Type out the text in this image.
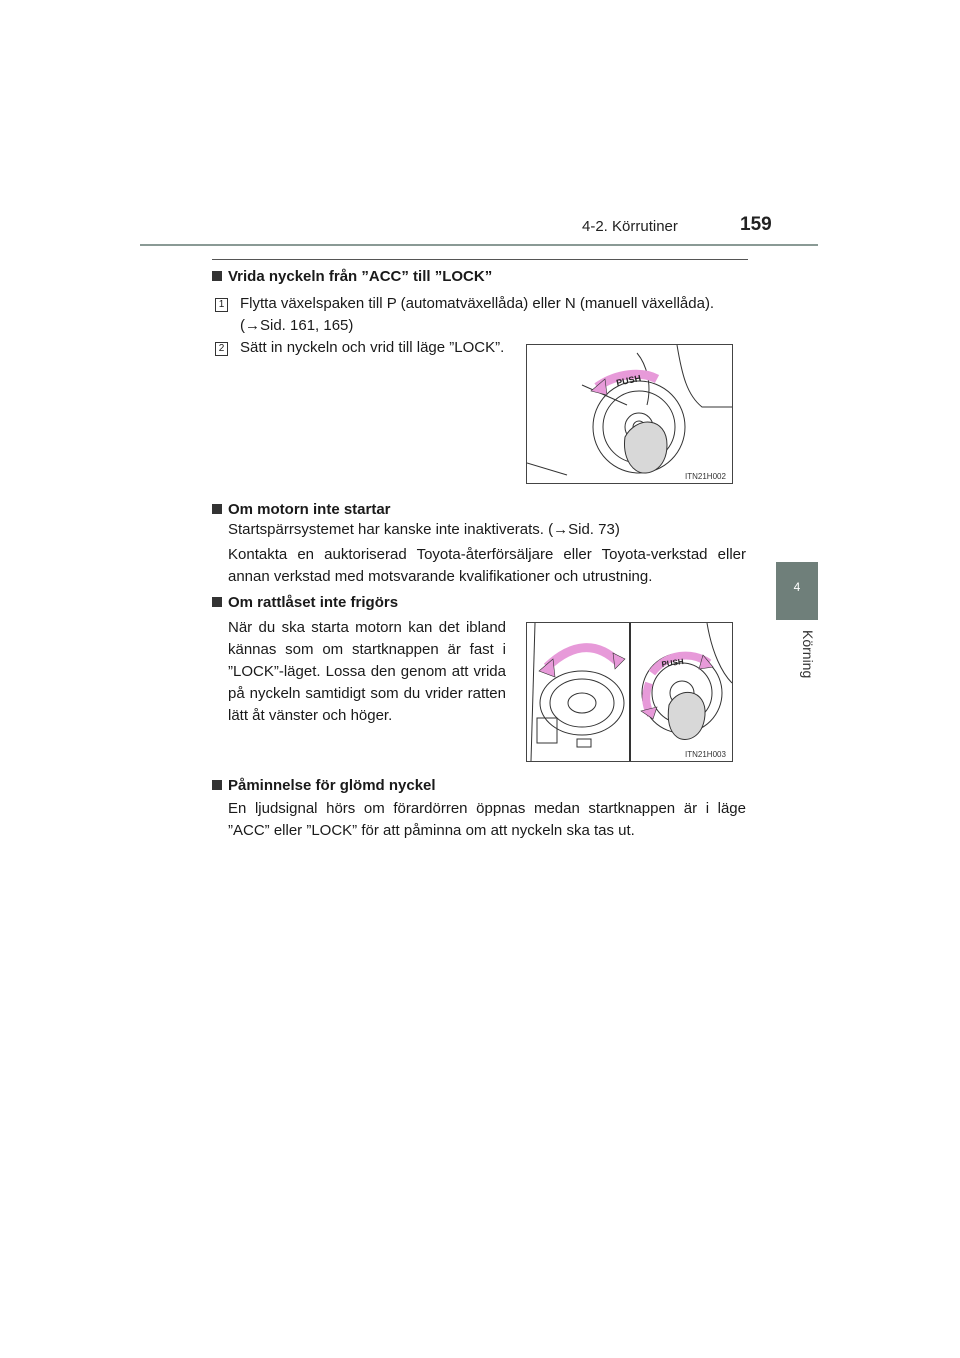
4-2. Körrutiner	159
4
Körning
Vrida nyckeln från ”ACC” till ”LOCK”
1 Flytta växelspaken till P (automatväxellåda) eller N (manuell växellåda).
(→Sid. 161, 165)
2 Sätt in nyckeln och vrid till läge ”LOCK”.
PUSH
ITN21H002
Om motorn inte startar
Startspärrsystemet har kanske inte inaktiverats. (→Sid. 73)
Kontakta en auktoriserad Toyota-återförsäljare eller Toyota-verkstad eller annan verkstad med motsvarande kvalifikationer och utrustning.
Om rattlåset inte frigörs
När du ska starta motorn kan det ibland kännas som om startknappen är fast i ”LOCK”-läget. Lossa den genom att vrida på nyckeln samtidigt som du vrider ratten lätt åt vänster och höger.
PUSH
ITN21H003
Påminnelse för glömd nyckel
En ljudsignal hörs om förardörren öppnas medan startknappen är i läge ”ACC” eller ”LOCK” för att påminna om att nyckeln ska tas ut.
